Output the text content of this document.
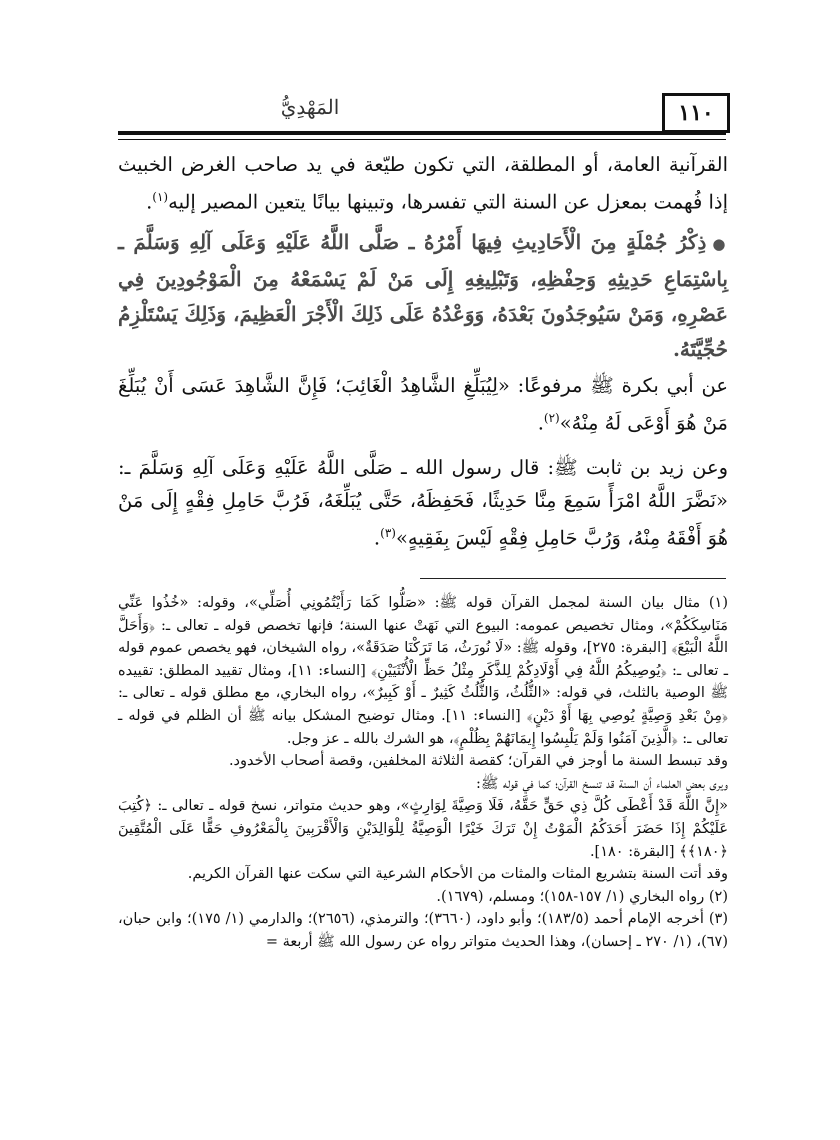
١١٠
المَهْدِيُّ

القرآنية العامة، أو المطلقة، التي تكون طيّعة في يد صاحب الغرض الخبيث إذا فُهمت بمعزل عن السنة التي تفسرها، وتبينها بيانًا يتعين المصير إليه$^{(١)}$.

●ذِكْرُ جُمْلَةٍ مِنَ الْأَحَادِيثِ فِيهَا أَمْرُهُ ـ صَلَّى اللَّهُ عَلَيْهِ وَعَلَى آلِهِ وَسَلَّمَ ـ بِاسْتِمَاعِ حَدِيثِهِ وَحِفْظِهِ، وَتَبْلِيغِهِ إِلَى مَنْ لَمْ يَسْمَعْهُ مِنَ الْمَوْجُودِينَ فِي عَصْرِهِ، وَمَنْ سَيُوجَدُونَ بَعْدَهُ، وَوَعْدُهُ عَلَى ذَلِكَ الْأَجْرَ الْعَظِيمَ، وَذَلِكَ يَسْتَلْزِمُ حُجِّيَّتَهُ.

عن أبي بكرة ﷺ مرفوعًا: «لِيُبَلِّغِ الشَّاهِدُ الْغَائِبَ؛ فَإِنَّ الشَّاهِدَ عَسَى أَنْ يُبَلِّغَ مَنْ هُوَ أَوْعَى لَهُ مِنْهُ»$^{(٢)}$.

وعن زيد بن ثابت ﷺ: قال رسول الله ـ صَلَّى اللَّهُ عَلَيْهِ وَعَلَى آلِهِ وَسَلَّمَ ـ: «نَضَّرَ اللَّهُ امْرَأً سَمِعَ مِنَّا حَدِيثًا، فَحَفِظَهُ، حَتَّى يُبَلِّغَهُ، فَرُبَّ حَامِلِ فِقْهٍ إِلَى مَنْ هُوَ أَفْقَهُ مِنْهُ، وَرُبَّ حَامِلِ فِقْهٍ لَيْسَ بِفَقِيهٍ»$^{(٣)}$.

(١) مثال بيان السنة لمجمل القرآن قوله ﷺ: «صَلُّوا كَمَا رَأَيْتُمُونِي أُصَلِّي»، وقوله: «خُذُوا عَنِّي مَنَاسِكَكُمْ»، ومثال تخصيص عمومه: البيوع التي نَهَتْ عنها السنة؛ فإنها تخصص قوله ـ تعالى ـ: ﴿وَأَحَلَّ اللَّهُ الْبَيْعَ﴾ [البقرة: ٢٧٥]، وقوله ﷺ: «لَا نُورَثُ، مَا تَرَكْنَا صَدَقَةٌ»، رواه الشيخان، فهو يخصص عموم قوله ـ تعالى ـ: ﴿يُوصِيكُمُ اللَّهُ فِي أَوْلَادِكُمْ لِلذَّكَرِ مِثْلُ حَظِّ الْأُنْثَيَيْنِ﴾ [النساء: ١١]، ومثال تقييد المطلق: تقييده ﷺ الوصية بالثلث، في قوله: «الثُّلُثُ، وَالثُّلُثُ كَثِيرٌ ـ أَوْ كَبِيرٌ»، رواه البخاري، مع مطلق قوله ـ تعالى ـ: ﴿مِنْ بَعْدِ وَصِيَّةٍ يُوصِي بِهَا أَوْ دَيْنٍ﴾ [النساء: ١١]. ومثال توضيح المشكل بيانه ﷺ أن الظلم في قوله ـ تعالى ـ: ﴿الَّذِينَ آمَنُوا وَلَمْ يَلْبِسُوا إِيمَانَهُمْ بِظُلْمٍ﴾، هو الشرك بالله ـ عز وجل.
وقد تبسط السنة ما أوجز في القرآن؛ كقصة الثلاثة المخلفين، وقصة أصحاب الأخدود.
ويرى بعض العلماء أن السنة قد تنسخ القرآن؛ كما في قوله ﷺ:
«إِنَّ اللَّهَ قَدْ أَعْطَى كُلَّ ذِي حَقٍّ حَقَّهُ، فَلَا وَصِيَّةَ لِوَارِثٍ»، وهو حديث متواتر، نسخ قوله ـ تعالى ـ: ﴿كُتِبَ عَلَيْكُمْ إِذَا حَضَرَ أَحَدَكُمُ الْمَوْتُ إِنْ تَرَكَ خَيْرًا الْوَصِيَّةُ لِلْوَالِدَيْنِ وَالْأَقْرَبِينَ بِالْمَعْرُوفِ حَقًّا عَلَى الْمُتَّقِينَ ﴿١٨٠﴾﴾ [البقرة: ١٨٠].
وقد أتت السنة بتشريع المثات والمثات من الأحكام الشرعية التي سكت عنها القرآن الكريم.
(٢) رواه البخاري (١/ ١٥٧-١٥٨)؛ ومسلم، (١٦٧٩).
(٣) أخرجه الإمام أحمد (١٨٣/٥)؛ وأبو داود، (٣٦٦٠)؛ والترمذي، (٢٦٥٦)؛ والدارمي (١/ ١٧٥)؛ وابن حبان، (٦٧)، (١/ ٢٧٠ ـ إحسان)، وهذا الحديث متواتر رواه عن رسول الله ﷺ أربعة =
